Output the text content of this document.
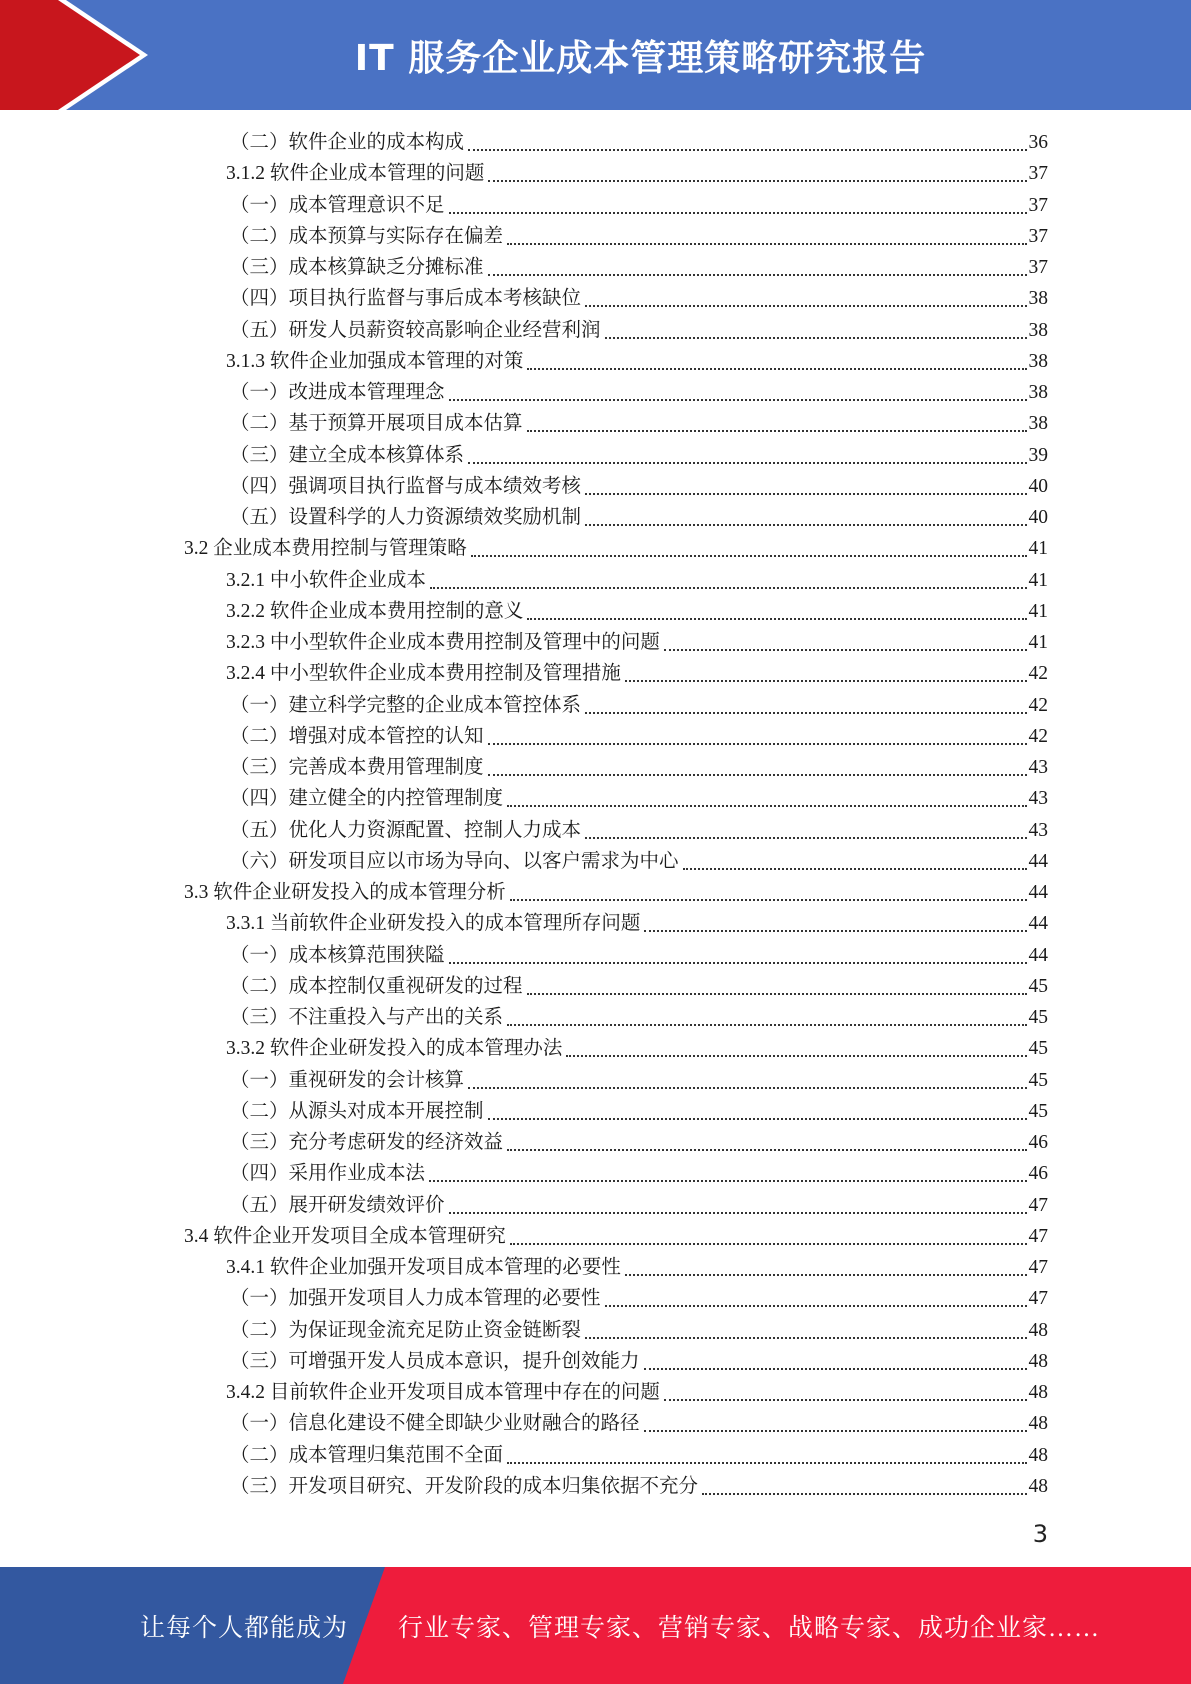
IT 服务企业成本管理策略研究报告
（二）软件企业的成本构成	36
3.1.2 软件企业成本管理的问题	37
（一）成本管理意识不足	37
（二）成本预算与实际存在偏差	37
（三）成本核算缺乏分摊标准	37
（四）项目执行监督与事后成本考核缺位	38
（五）研发人员薪资较高影响企业经营利润	38
3.1.3 软件企业加强成本管理的对策	38
（一）改进成本管理理念	38
（二）基于预算开展项目成本估算	38
（三）建立全成本核算体系	39
（四）强调项目执行监督与成本绩效考核	40
（五）设置科学的人力资源绩效奖励机制	40
3.2 企业成本费用控制与管理策略	41
3.2.1 中小软件企业成本	41
3.2.2 软件企业成本费用控制的意义	41
3.2.3 中小型软件企业成本费用控制及管理中的问题	41
3.2.4 中小型软件企业成本费用控制及管理措施	42
（一）建立科学完整的企业成本管控体系	42
（二）增强对成本管控的认知	42
（三）完善成本费用管理制度	43
（四）建立健全的内控管理制度	43
（五）优化人力资源配置、控制人力成本	43
（六）研发项目应以市场为导向、以客户需求为中心	44
3.3 软件企业研发投入的成本管理分析	44
3.3.1 当前软件企业研发投入的成本管理所存问题	44
（一）成本核算范围狭隘	44
（二）成本控制仅重视研发的过程	45
（三）不注重投入与产出的关系	45
3.3.2 软件企业研发投入的成本管理办法	45
（一）重视研发的会计核算	45
（二）从源头对成本开展控制	45
（三）充分考虑研发的经济效益	46
（四）采用作业成本法	46
（五）展开研发绩效评价	47
3.4 软件企业开发项目全成本管理研究	47
3.4.1 软件企业加强开发项目成本管理的必要性	47
（一）加强开发项目人力成本管理的必要性	47
（二）为保证现金流充足防止资金链断裂	48
（三）可增强开发人员成本意识，提升创效能力	48
3.4.2 目前软件企业开发项目成本管理中存在的问题	48
（一）信息化建设不健全即缺少业财融合的路径	48
（二）成本管理归集范围不全面	48
（三）开发项目研究、开发阶段的成本归集依据不充分	48
3
让每个人都能成为 行业专家、管理专家、营销专家、战略专家、成功企业家……
